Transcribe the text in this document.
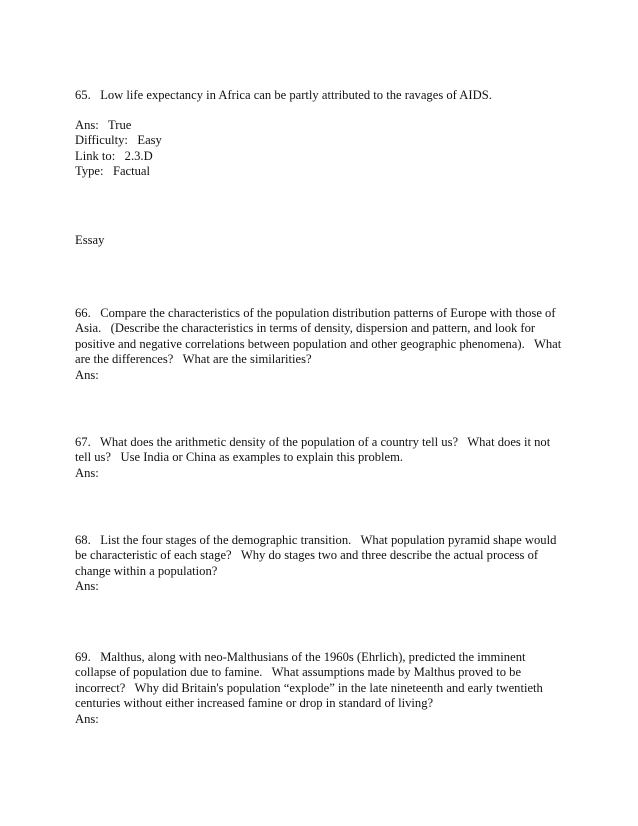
65.   Low life expectancy in Africa can be partly attributed to the ravages of AIDS.
Ans:   True
Difficulty:   Easy
Link to:   2.3.D
Type:   Factual
Essay
66.   Compare the characteristics of the population distribution patterns of Europe with those of
Asia.   (Describe the characteristics in terms of density, dispersion and pattern, and look for
positive and negative correlations between population and other geographic phenomena).   What
are the differences?   What are the similarities?
Ans:
67.   What does the arithmetic density of the population of a country tell us?   What does it not
tell us?   Use India or China as examples to explain this problem.
Ans:
68.   List the four stages of the demographic transition.   What population pyramid shape would
be characteristic of each stage?   Why do stages two and three describe the actual process of
change within a population?
Ans:
69.   Malthus, along with neo-Malthusians of the 1960s (Ehrlich), predicted the imminent
collapse of population due to famine.   What assumptions made by Malthus proved to be
incorrect?   Why did Britain's population “explode” in the late nineteenth and early twentieth
centuries without either increased famine or drop in standard of living?
Ans:
